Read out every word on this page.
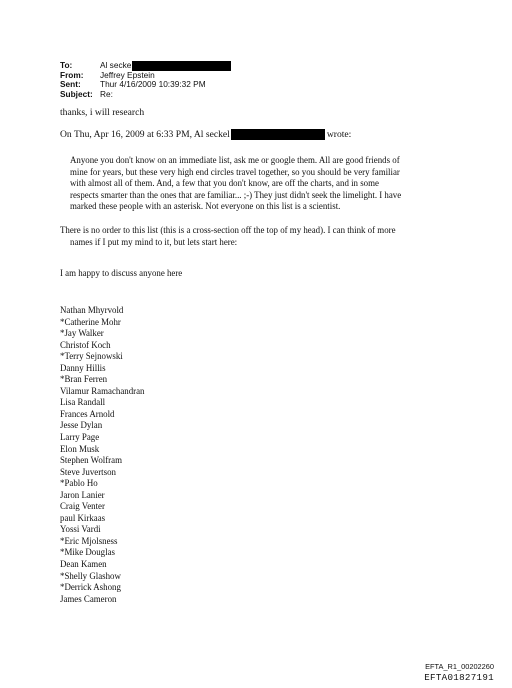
To:	Al secke
From:	Jeffrey Epstein
Sent:	Thur 4/16/2009 10:39:32 PM
Subject: Re:
thanks, i will research
On Thu, Apr 16, 2009 at 6:33 PM, Al seckel	wrote:
Anyone you don't know on an immediate list, ask me or google them. All are good friends of
mine for years, but these very high end circles travel together, so you should be very familiar
with almost all of them. And, a few that you don't know, are off the charts, and in some
respects smarter than the ones that are familiar... ;-) They just didn't seek the limelight. I have
marked these people with an asterisk. Not everyone on this list is a scientist.
There is no order to this list (this is a cross-section off the top of my head). I can think of more
names if I put my mind to it, but lets start here:
I am happy to discuss anyone here
Nathan Mhyrvold
*Catherine Mohr
*Jay Walker
Christof Koch
*Terry Sejnowski
Danny Hillis
*Bran Ferren
Vilamur Ramachandran
Lisa Randall
Frances Arnold
Jesse Dylan
Larry Page
Elon Musk
Stephen Wolfram
Steve Juvertson
*Pablo Ho
Jaron Lanier
Craig Venter
paul Kirkaas
Yossi Vardi
*Eric Mjolsness
*Mike Douglas
Dean Kamen
*Shelly Glashow
*Derrick Ashong
James Cameron
EFTA_R1_00202260
EFTA01827191
